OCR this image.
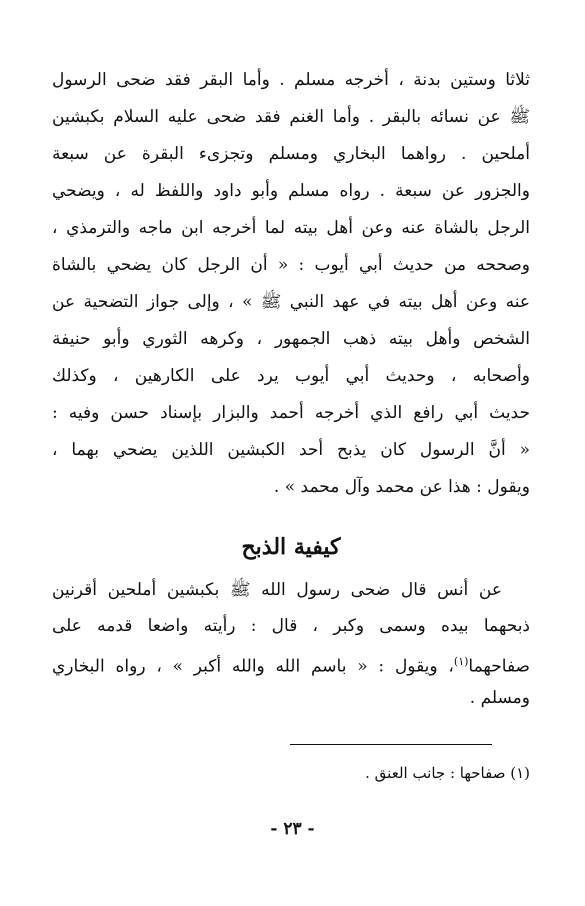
ثلاثا وستين بدنة ، أخرجه مسلم . وأما البقر فقد ضحى الرسول
ﷺ عن نسائه بالبقر . وأما الغنم فقد ضحى عليه السلام بكبشين
أملحين . رواهما البخاري ومسلم وتجزىء البقرة عن سبعة
والجزور عن سبعة . رواه مسلم وأبو داود واللفظ له ، ويضحي
الرجل بالشاة عنه وعن أهل بيته لما أخرجه ابن ماجه والترمذي ،
وصححه من حديث أبي أيوب : « أن الرجل كان يضحي بالشاة
عنه وعن أهل بيته في عهد النبي ﷺ » ، وإلى جواز التضحية عن
الشخص وأهل بيته ذهب الجمهور ، وكرهه الثوري وأبو حنيفة
وأصحابه ، وحديث أبي أيوب يرد على الكارهين ، وكذلك
حديث أبي رافع الذي أخرجه أحمد والبزار بإسناد حسن وفيه :
« أنَّ الرسول كان يذبح أحد الكبشين اللذين يضحي بهما ،
ويقول : هذا عن محمد وآل محمد » .
كيفية الذبح
عن أنس قال ضحى رسول الله ﷺ بكبشين أملحين أقرنين
ذبحهما بيده وسمى وكبر ، قال : رأيته واضعا قدمه على
صفاحهما$^{(١)}$، ويقول : « باسم الله والله أكبر » ، رواه البخاري
ومسلم .
(١) صفاحها : جانب العنق .
- ٢٣ -
